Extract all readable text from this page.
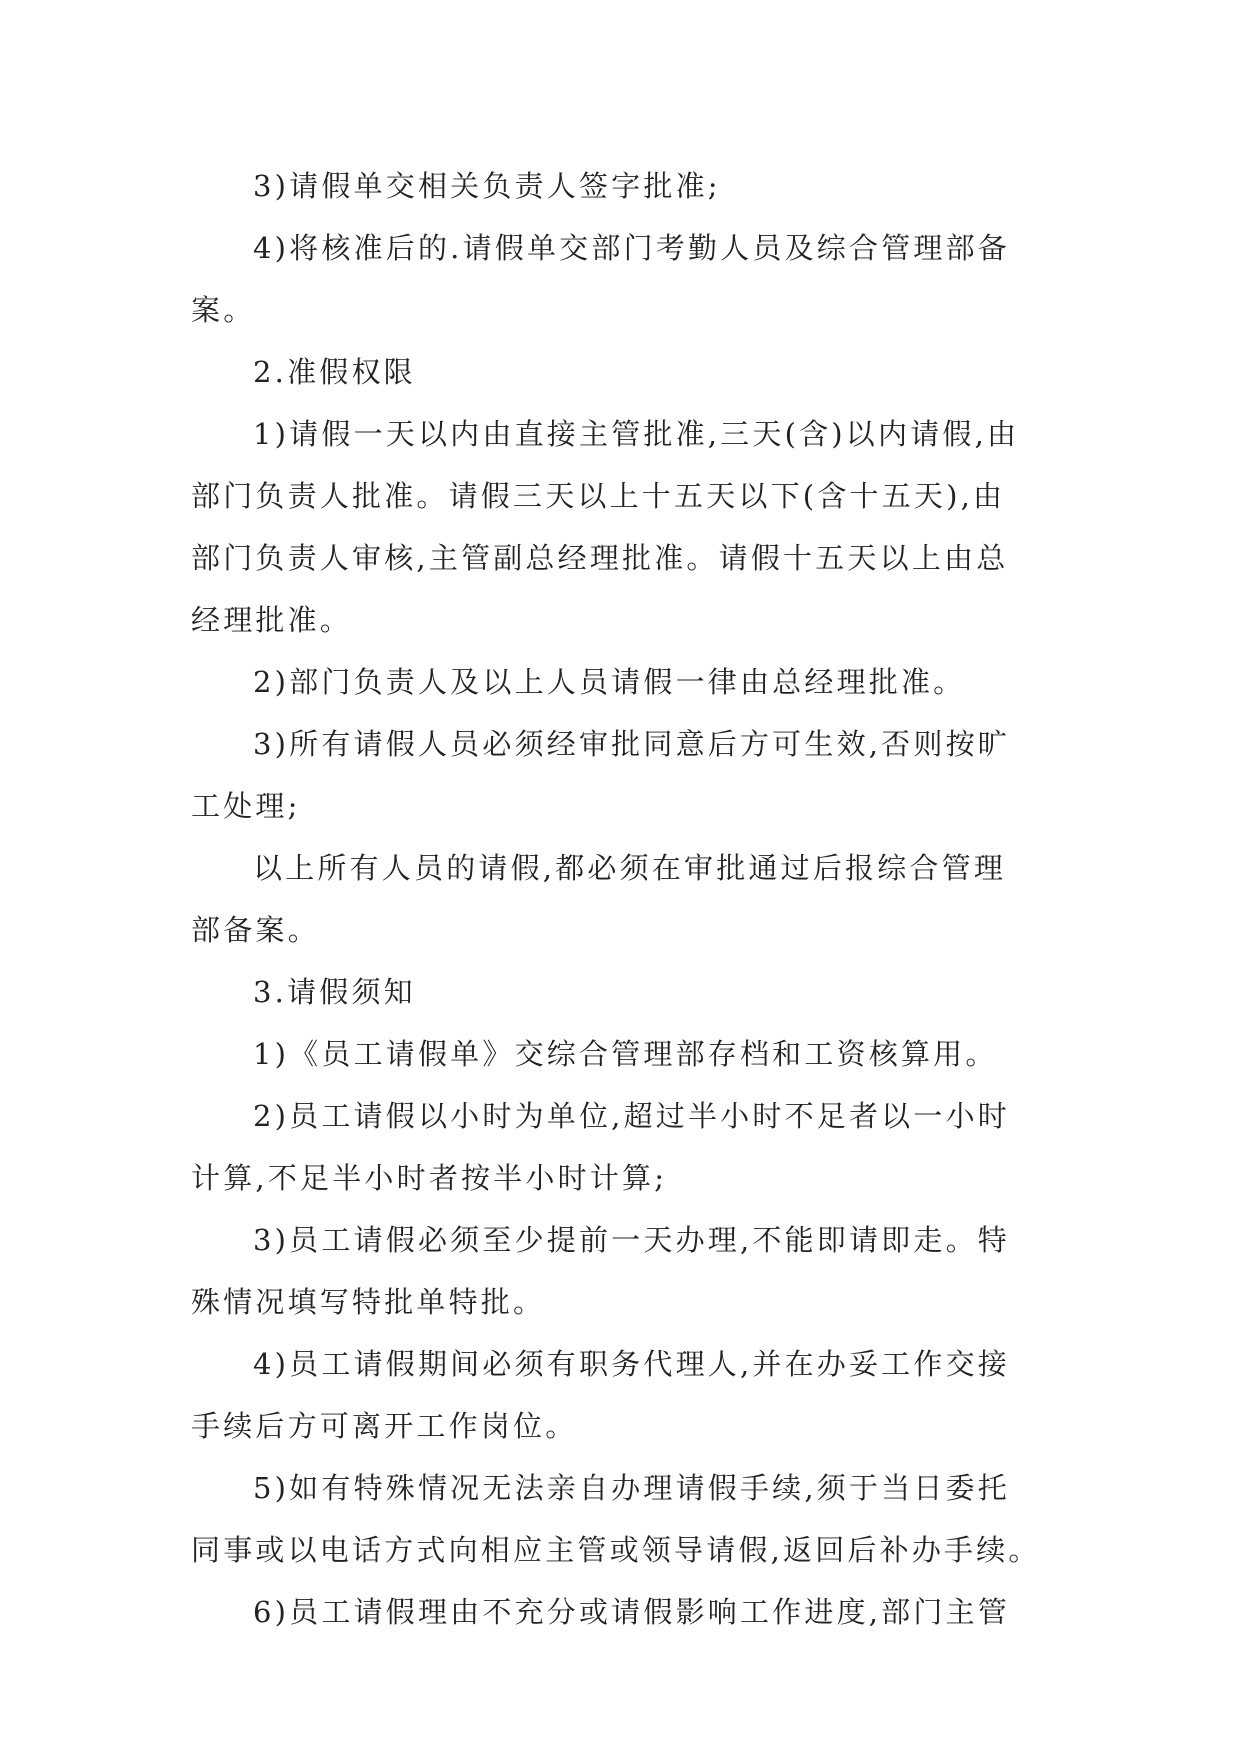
3)请假单交相关负责人签字批准;
4)将核准后的.请假单交部门考勤人员及综合管理部备
案。
2.准假权限
1)请假一天以内由直接主管批准,三天(含)以内请假,由
部门负责人批准。请假三天以上十五天以下(含十五天),由
部门负责人审核,主管副总经理批准。请假十五天以上由总
经理批准。
2)部门负责人及以上人员请假一律由总经理批准。
3)所有请假人员必须经审批同意后方可生效,否则按旷
工处理;
以上所有人员的请假,都必须在审批通过后报综合管理
部备案。
3.请假须知
1)《员工请假单》交综合管理部存档和工资核算用。
2)员工请假以小时为单位,超过半小时不足者以一小时
计算,不足半小时者按半小时计算;
3)员工请假必须至少提前一天办理,不能即请即走。特
殊情况填写特批单特批。
4)员工请假期间必须有职务代理人,并在办妥工作交接
手续后方可离开工作岗位。
5)如有特殊情况无法亲自办理请假手续,须于当日委托
同事或以电话方式向相应主管或领导请假,返回后补办手续。
6)员工请假理由不充分或请假影响工作进度,部门主管
